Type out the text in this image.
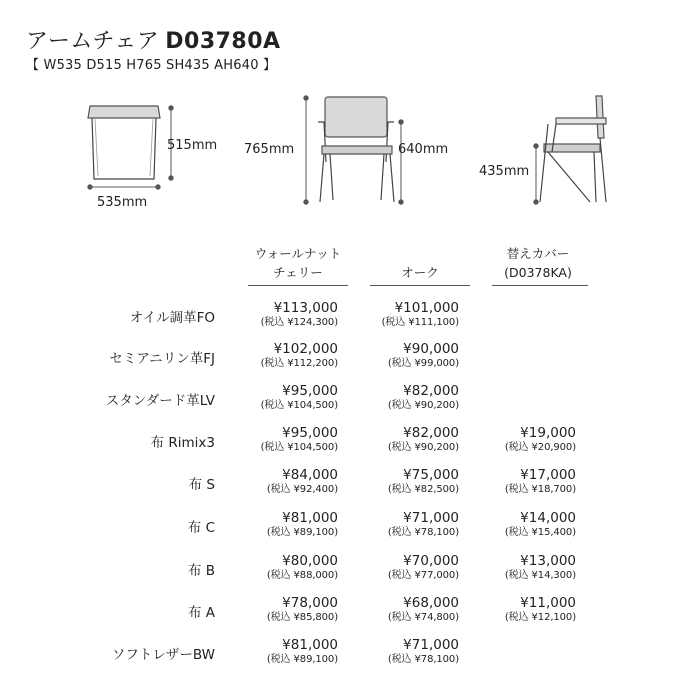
アームチェア D03780A
【 W535 D515 H765 SH435 AH640 】
515mm
535mm
765mm	640mm
435mm
ウォールナット
チェリー
	オーク
替えカバー
(D0378KA)
オイル調革FO
¥113,000
(税込 ¥124,300)
¥101,000
(税込 ¥111,100)
セミアニリン革FJ
¥102,000
(税込 ¥112,200)
¥90,000
(税込 ¥99,000)
スタンダード革LV
¥95,000
(税込 ¥104,500)
¥82,000
(税込 ¥90,200)
布 Rimix3
¥95,000
(税込 ¥104,500)
¥82,000
(税込 ¥90,200)
¥19,000
(税込 ¥20,900)
布 S
¥84,000
(税込 ¥92,400)
¥75,000
(税込 ¥82,500)
¥17,000
(税込 ¥18,700)
布 C
¥81,000
(税込 ¥89,100)
¥71,000
(税込 ¥78,100)
¥14,000
(税込 ¥15,400)
布 B
¥80,000
(税込 ¥88,000)
¥70,000
(税込 ¥77,000)
¥13,000
(税込 ¥14,300)
布 A
¥78,000
(税込 ¥85,800)
¥68,000
(税込 ¥74,800)
¥11,000
(税込 ¥12,100)
ソフトレザーBW
¥81,000
(税込 ¥89,100)
¥71,000
(税込 ¥78,100)
